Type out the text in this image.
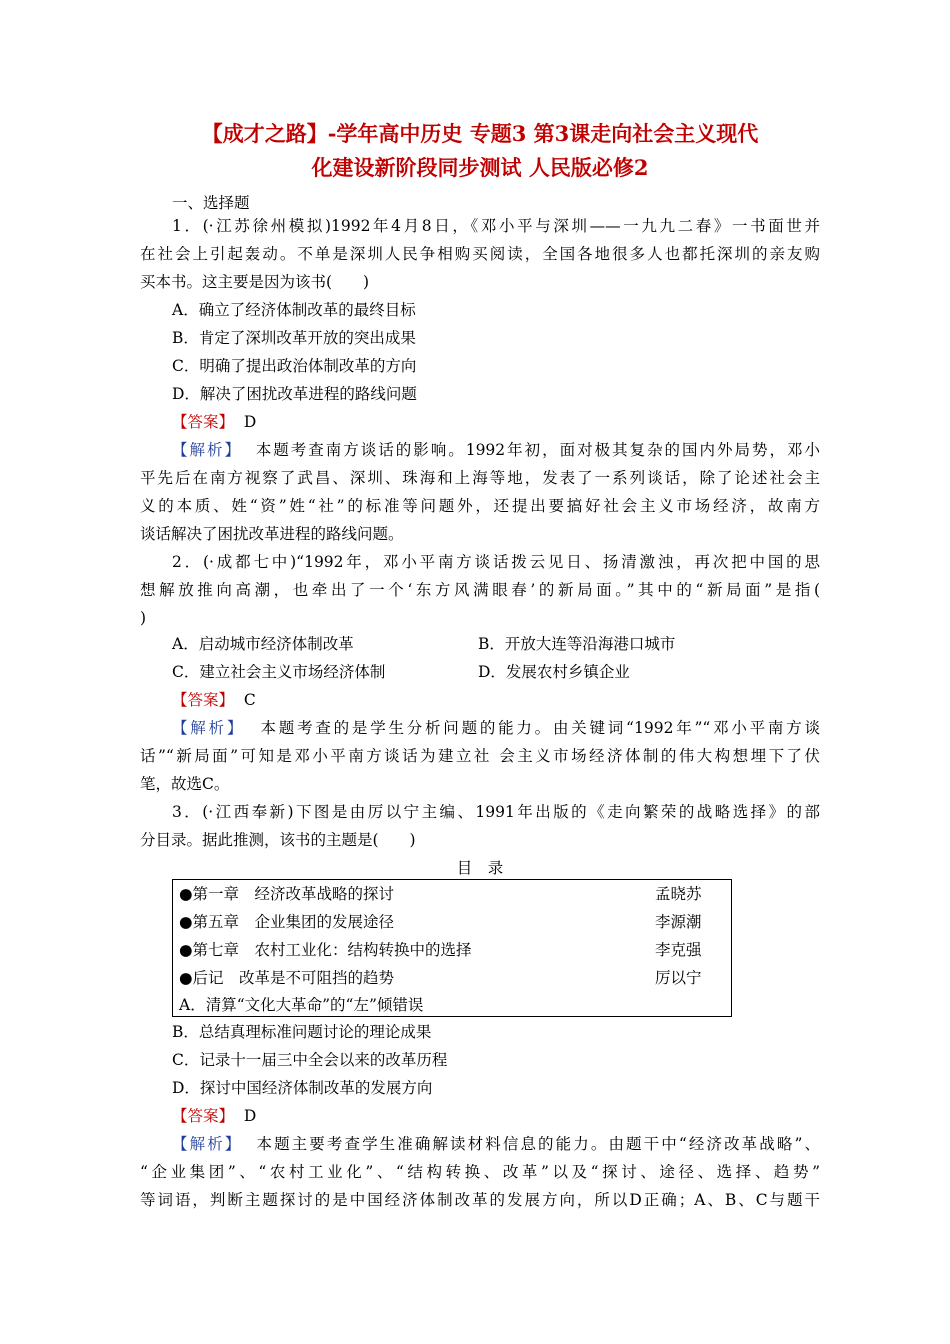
【成才之路】-学年高中历史 专题3 第3课走向社会主义现代
化建设新阶段同步测试 人民版必修2
一、选择题
1．(·江苏徐州模拟)1992年4月8日，《邓小平与深圳——一九九二春》一书面世并
在社会上引起轰动。不单是深圳人民争相购买阅读，全国各地很多人也都托深圳的亲友购
买本书。这主要是因为该书(　　)
A．确立了经济体制改革的最终目标
B．肯定了深圳改革开放的突出成果
C．明确了提出政治体制改革的方向
D．解决了困扰改革进程的路线问题
【答案】 D
【解析】 本题考查南方谈话的影响。1992年初，面对极其复杂的国内外局势，邓小
平先后在南方视察了武昌、深圳、珠海和上海等地，发表了一系列谈话，除了论述社会主
义的本质、姓“资”姓“社”的标准等问题外，还提出要搞好社会主义市场经济，故南方
谈话解决了困扰改革进程的路线问题。
2．(·成都七中)“1992年，邓小平南方谈话拨云见日、扬清激浊，再次把中国的思
想解放推向高潮，也牵出了一个‘东方风满眼春’的新局面。”其中的“新局面”是指(
)
A．启动城市经济体制改革	B．开放大连等沿海港口城市
C．建立社会主义市场经济体制	D．发展农村乡镇企业
【答案】 C
【解析】 本题考查的是学生分析问题的能力。由关键词“1992年”“邓小平南方谈
话”“新局面”可知是邓小平南方谈话为建立社 会主义市场经济体制的伟大构想埋下了伏
笔，故选C。
3．(·江西奉新)下图是由厉以宁主编、1991年出版的《走向繁荣的战略选择》的部
分目录。据此推测，该书的主题是(　　)
目　录
●第一章　经济改革战略的探讨	孟晓苏
●第五章　企业集团的发展途径	李源潮
●第七章　农村工业化：结构转换中的选择	李克强
●后记　改革是不可阻挡的趋势	厉以宁
A．清算“文化大革命”的“左”倾错误
B．总结真理标准问题讨论的理论成果
C．记录十一届三中全会以来的改革历程
D．探讨中国经济体制改革的发展方向
【答案】 D
【解析】 本题主要考查学生准确解读材料信息的能力。由题干中“经济改革战略”、
“企业集团”、“农村工业化”、“结构转换、改革”以及“探讨、途径、选择、趋势”
等词语，判断主题探讨的是中国经济体制改革的发展方向，所以D正确；A、B、C与题干
